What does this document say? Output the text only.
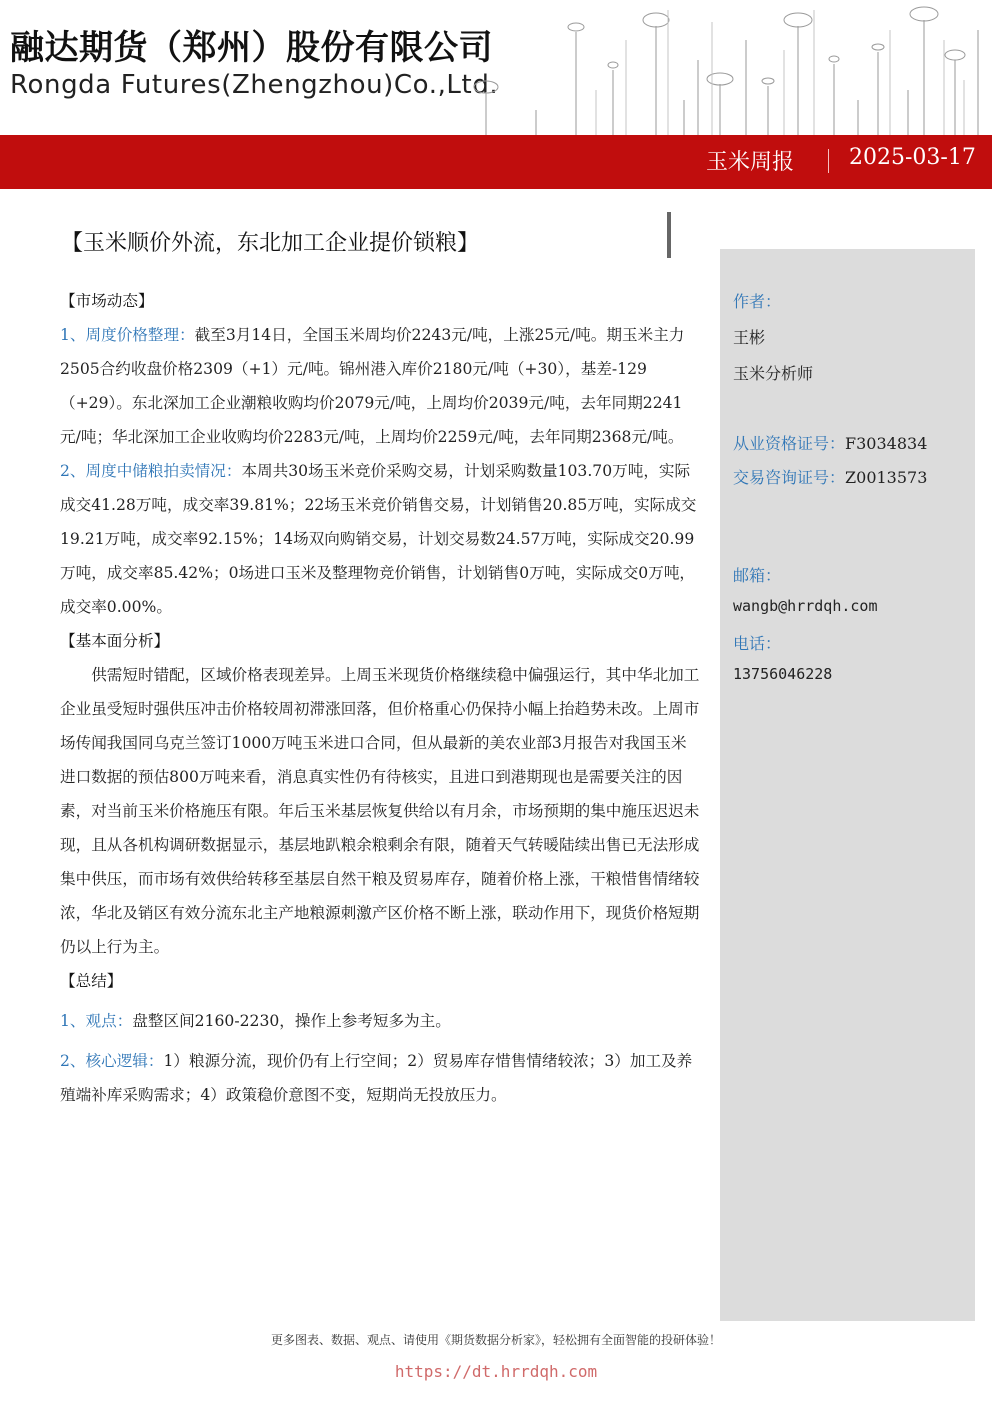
融达期货（郑州）股份有限公司
Rongda Futures(Zhengzhou)Co.,Ltd.
玉米周报	2025-03-17
【玉米顺价外流，东北加工企业提价锁粮】
作者：
王彬
玉米分析师
从业资格证号：F3034834
交易咨询证号：Z0013573
邮箱：
wangb@hrrdqh.com
电话：
13756046228

【市场动态】

1、周度价格整理：截至3月14日，全国玉米周均价2243元/吨，上涨25元/吨。期玉米主力2505合约收盘价格2309（+1）元/吨。锦州港入库价2180元/吨（+30），基差-129（+29）。东北深加工企业潮粮收购均价2079元/吨，上周均价2039元/吨，去年同期2241元/吨；华北深加工企业收购均价2283元/吨，上周均价2259元/吨，去年同期2368元/吨。

2、周度中储粮拍卖情况：本周共30场玉米竞价采购交易，计划采购数量103.70万吨，实际成交41.28万吨，成交率39.81%；22场玉米竞价销售交易，计划销售20.85万吨，实际成交19.21万吨，成交率92.15%；14场双向购销交易，计划交易数24.57万吨，实际成交20.99万吨，成交率85.42%；0场进口玉米及整理物竞价销售，计划销售0万吨，实际成交0万吨，成交率0.00%。

【基本面分析】

供需短时错配，区域价格表现差异。上周玉米现货价格继续稳中偏强运行，其中华北加工企业虽受短时强供压冲击价格较周初滞涨回落，但价格重心仍保持小幅上抬趋势未改。上周市场传闻我国同乌克兰签订1000万吨玉米进口合同，但从最新的美农业部3月报告对我国玉米进口数据的预估800万吨来看，消息真实性仍有待核实，且进口到港期现也是需要关注的因素，对当前玉米价格施压有限。年后玉米基层恢复供给以有月余，市场预期的集中施压迟迟未现，且从各机构调研数据显示，基层地趴粮余粮剩余有限，随着天气转暖陆续出售已无法形成集中供压，而市场有效供给转移至基层自然干粮及贸易库存，随着价格上涨，干粮惜售情绪较浓，华北及销区有效分流东北主产地粮源刺激产区价格不断上涨，联动作用下，现货价格短期仍以上行为主。

【总结】

1、观点：盘整区间2160-2230，操作上参考短多为主。

2、核心逻辑：1）粮源分流，现价仍有上行空间；2）贸易库存惜售情绪较浓；3）加工及养殖端补库采购需求；4）政策稳价意图不变，短期尚无投放压力。

更多图表、数据、观点、请使用《期货数据分析家》，轻松拥有全面智能的投研体验！
https://dt.hrrdqh.com
